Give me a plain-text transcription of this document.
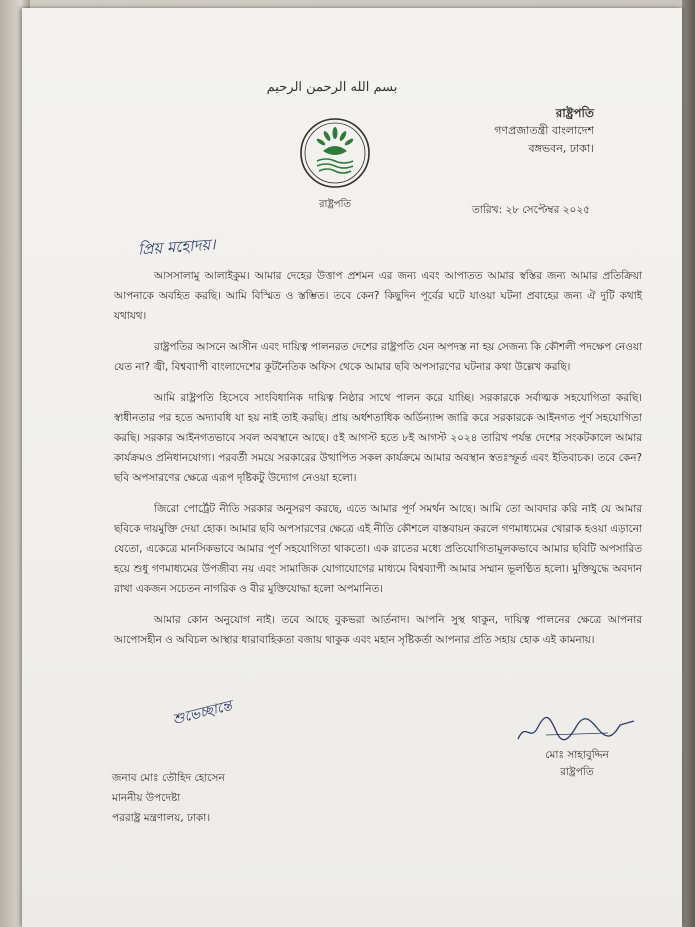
بسم الله الرحمن الرحيم
রাষ্ট্রপতি
রাষ্ট্রপতি
গণপ্রজাতন্ত্রী বাংলাদেশ
বঙ্গভবন, ঢাকা।
তারিখ: ২৮ সেপ্টেম্বর ২০২৫
প্রিয় মহোদয়।

আসসালামু আলাইকুম। আমার দেহের উত্তাপ প্রশমন এর জন্য এবং আপাতত আমার স্বস্তির জন্য আমার প্রতিক্রিয়া আপনাকে অবহিত করছি। আমি বিস্মিত ও স্তম্ভিত। তবে কেন? কিছুদিন পূর্বের ঘটে যাওয়া ঘটনা প্রবাহের জন্য ঐ দুটি কথাই যথাযথ।

রাষ্ট্রপতির আসনে আসীন এবং দায়িত্ব পালনরত দেশের রাষ্ট্রপতি যেন অপদস্ত না হয় সেজন্য কি কৌশলী পদক্ষেপ নেওয়া যেত না? জ্বী, বিশ্বব্যাপী বাংলাদেশের কূটনৈতিক অফিস থেকে আমার ছবি অপসারণের ঘটনার কথা উল্লেখ করছি।

আমি রাষ্ট্রপতি হিসেবে সাংবিধানিক দায়িত্ব নিষ্ঠার সাথে পালন করে যাচ্ছি। সরকারকে সর্বাত্মক সহযোগিতা করছি। স্বাধীনতার পর হতে অদ্যাবধি যা হয় নাই তাই করছি। প্রায় অর্ধশতাধিক অর্ডিন্যান্স জারি করে সরকারকে আইনগত পূর্ণ সহযোগিতা করছি। সরকার আইনগতভাবে সবল অবস্থানে আছে। ৫ই আগস্ট হতে ৮ই আগস্ট ২০২৪ তারিখ পর্যন্ত দেশের সংকটকালে আমার কার্যক্রমও প্রনিধানযোগ্য। পরবর্তী সময়ে সরকারের উত্থাপিত সকল কার্যক্রমে আমার অবস্থান স্বতঃস্ফূর্ত এবং ইতিবাচক। তবে কেন? ছবি অপসারণের ক্ষেত্রে এরূপ দৃষ্টিকটু উদ্যোগ নেওয়া হলো।

জিরো পোর্ট্রেট নীতি সরকার অনুসরণ করছে, এতে আমার পূর্ণ সমর্থন আছে। আমি তো আবদার করি নাই যে আমার ছবিকে দায়মুক্তি দেয়া হোক। আমার ছবি অপসারণের ক্ষেত্রে এই নীতি কৌশলে বাস্তবায়ন করলে গণমাধ্যমের খোরাক হওয়া এড়ানো যেতো, একেত্রে মানসিকভাবে আমার পূর্ণ সহযোগিতা থাকতো। এক রাতের মধ্যে প্রতিযোগিতামূলকভাবে আমার ছবিটি অপসারিত হয়ে শুধু গণমাধ্যমের উপজীব্য নয় এবং সামাজিক যোগাযোগের মাধ্যমে বিশ্বব্যাপী আমার সম্মান ভূলণ্ঠিত হলো। মুক্তিযুদ্ধে অবদান রাখা একজন সচেতন নাগরিক ও বীর মুক্তিযোদ্ধা হলো অপমানিত।

আমার কোন অনুযোগ নাই। তবে আছে বুকভরা আর্তনাদ। আপনি সুস্থ থাকুন, দায়িত্ব পালনের ক্ষেত্রে আপনার আপোসহীন ও অবিচল আস্থার ধারাবাহিকতা বজায় থাকুক এবং মহান সৃষ্টিকর্তা আপনার প্রতি সহায় হোক এই কামনায়।

শুভেচ্ছান্তে
মোঃ সাহাবুদ্দিন
রাষ্ট্রপতি
জনাব মোঃ তৌহিদ হোসেন
মাননীয় উপদেষ্টা
পররাষ্ট্র মন্ত্রণালয়, ঢাকা।
